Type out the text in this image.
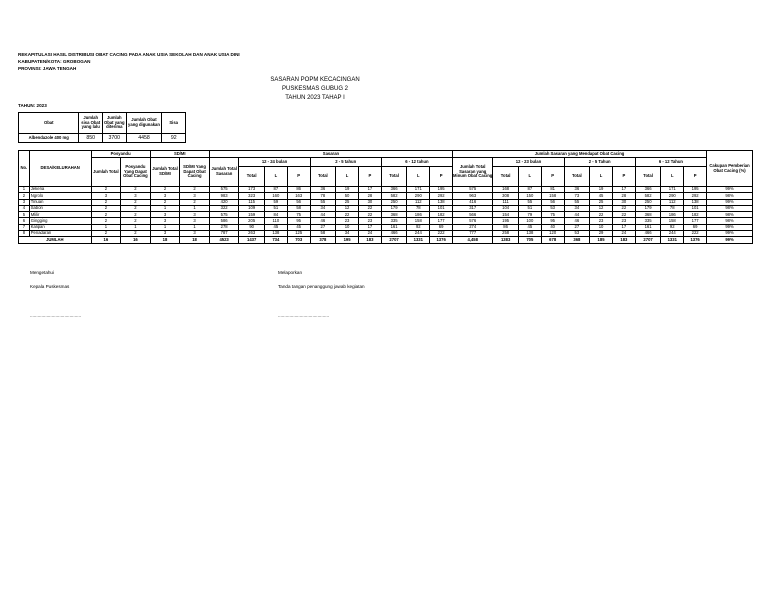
REKAPITULASI HASIL DISTRIBUSI OBAT CACING PADA ANAK USIA SEKOLAH DAN ANAK USIA DINI
KABUPATEN/KOTA: GROBOGAN
PROVINSI: JAWA TENGAH
SASARAN POPM KECACINGAN
PUSKESMAS GUBUG 2
TAHUN 2023 TAHAP I
TAHUN: 2023
Obat	Jumlah sisa Obat yang lalu	Jumlah Obat yang diterima	Jumlah Obat yang digunakan	Sisa
Albendazole 400 mg	850	3700	4458	92
No.	DESA/KELURAHAN	Posyandu		SD/MI		Sasaran										Jumlah Sasaran yang Mendapat Obat Cacing										Cakupan Pemberian Obat Cacing (%)
		Jumlah Total	Posyandu Yang Dapat Obat Cacing	Jumlah Total SD/MI	SD/MI Yang Dapat Obat Cacing	Jumlah Total Sasaran	12 - 24 bulan			2 - 5 tahun			6 - 12 tahun			Jumlah Total Sasaran yang Minum Obat Cacing	12 - 23 bulan			2 - 5 Tahun			6 - 12 Tahun			
							Total	L	P	Total	L	P	Total	L	P		Total	L	P	Total	L	P	Total	L	P	
1	Jekeria	2	2	2	2	575	173	87	86	36	19	17	366	171	195	575	168	87	81	36	19	17	366	171	195	99%
2	Ngrolo	3	3	3	3	983	323	160	163	78	50	28	582	290	292	963	308	150	158	73	45	28	582	290	292	98%
3	Tinuan	2	2	2	2	420	115	59	56	55	25	30	250	112	138	416	111	55	56	55	25	30	250	112	138	99%
4	Sabon	2	2	1	1	322	109	51	58	34	12	22	179	78	101	317	104	51	53	34	12	22	179	78	101	98%
5	Mlilir	2	2	3	3	575	159	84	75	44	22	22	368	186	182	566	154	79	75	44	22	22	368	186	182	98%
6	Gingging	2	2	3	3	586	205	110	95	46	23	23	335	158	177	576	195	100	95	46	23	23	335	158	177	98%
7	Kalipan	1	1	1	1	278	90	45	45	27	10	17	161	92	69	274	86	45	40	27	10	17	161	92	69	99%
8	Penadaran	2	2	3	3	787	263	138	125	58	34	24	466	244	222	777	258	138	120	53	29	24	466	244	222	99%
JUMLAH		16	16	18	18	4523	1437	734	703	378	195	183	2707	1331	1376	4,458	1383	705	678	368	185	183	2707	1331	1376	99%
Mengetahui
Kepala Puskesmas
........................................
Melaporkan
Tanda tangan penanggung jawab kegiatan
........................................
